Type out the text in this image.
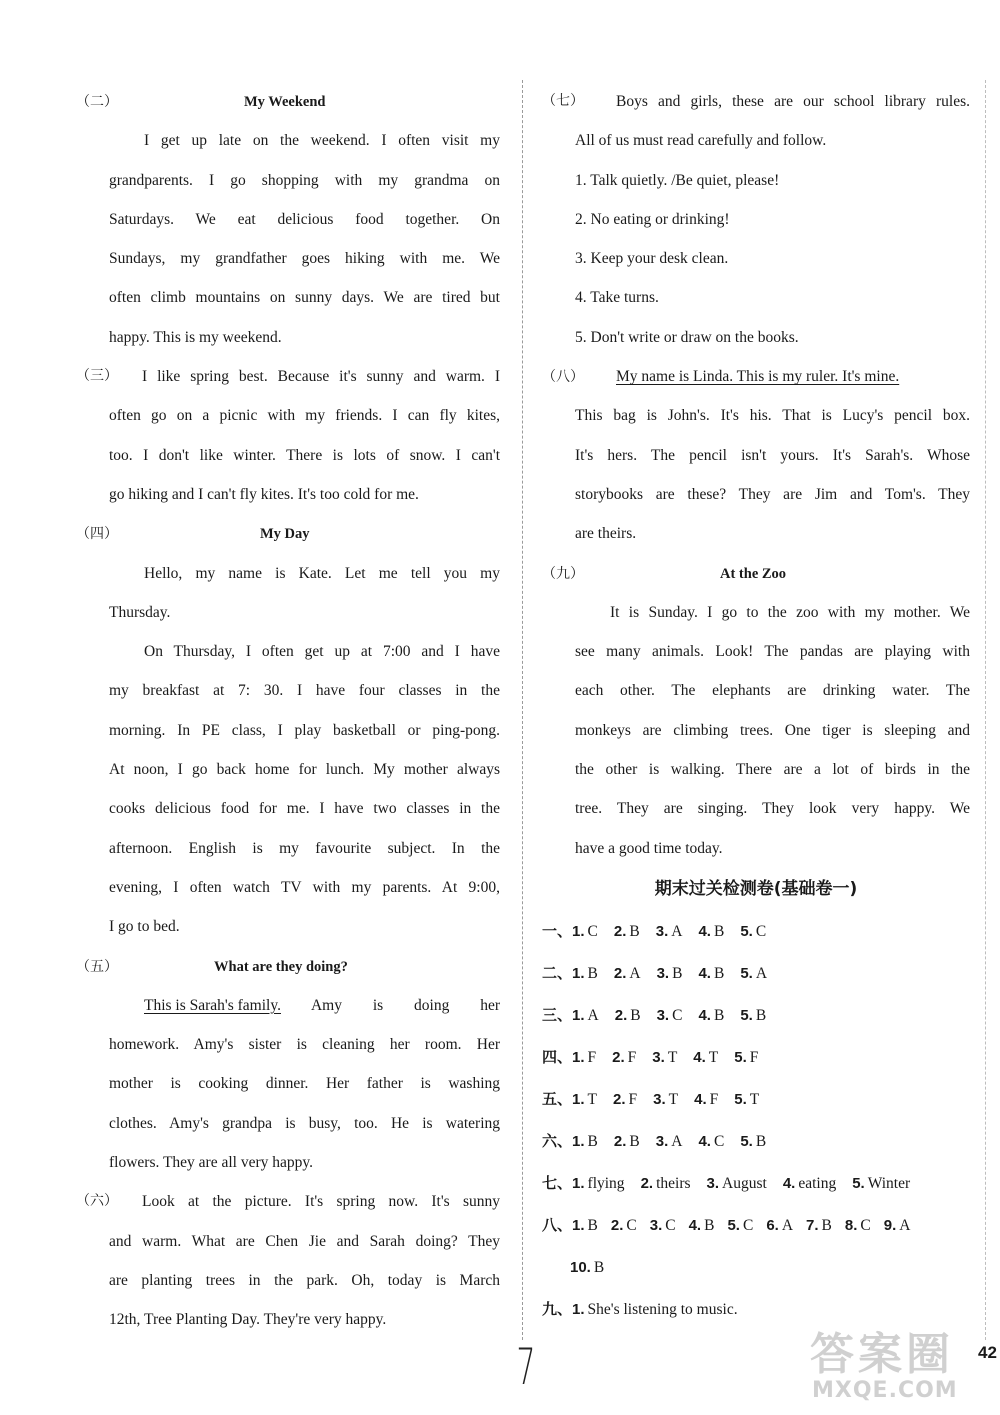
（二）	My Weekend
I get up late on the weekend. I often visit my
grandparents. I go shopping with my grandma on
Saturdays. We eat delicious food together. On
Sundays, my grandfather goes hiking with me. We
often climb mountains on sunny days. We are tired but
happy. This is my weekend.
（三）	I like spring best. Because it's sunny and warm. I
often go on a picnic with my friends. I can fly kites,
too. I don't like winter. There is lots of snow. I can't
go hiking and I can't fly kites. It's too cold for me.
（四）	My Day
Hello, my name is Kate. Let me tell you my
Thursday.
On Thursday, I often get up at 7:00 and I have
my breakfast at 7: 30. I have four classes in the
morning. In PE class, I play basketball or ping-pong.
At noon, I go back home for lunch. My mother always
cooks delicious food for me. I have two classes in the
afternoon. English is my favourite subject. In the
evening, I often watch TV with my parents. At 9:00,
I go to bed.
（五）	What are they doing?
This is Sarah's family. Amy is doing her
homework. Amy's sister is cleaning her room. Her
mother is cooking dinner. Her father is washing
clothes. Amy's grandpa is busy, too. He is watering
flowers. They are all very happy.
（六）	Look at the picture. It's spring now. It's sunny
and warm. What are Chen Jie and Sarah doing? They
are planting trees in the park. Oh, today is March
12th, Tree Planting Day. They're very happy.
（七）	Boys and girls, these are our school library rules.
All of us must read carefully and follow.
1. Talk quietly. /Be quiet, please!
2. No eating or drinking!
3. Keep your desk clean.
4. Take turns.
5. Don't write or draw on the books.
（八） My name is Linda. This is my ruler. It's mine.
This bag is John's. It's his. That is Lucy's pencil box.
It's hers. The pencil isn't yours. It's Sarah's. Whose
storybooks are these? They are Jim and Tom's. They
are theirs.
（九）	At the Zoo
It is Sunday. I go to the zoo with my mother. We
see many animals. Look! The pandas are playing with
each other. The elephants are drinking water. The
monkeys are climbing trees. One tiger is sleeping and
the other is walking. There are a lot of birds in the
tree. They are singing. They look very happy. We
have a good time today.
期末过关检测卷(基础卷一)
一、1. C 2. B 3. A 4. B 5. C
二、1. B 2. A 3. B 4. B 5. A
三、1. A 2. B 3. C 4. B 5. B
四、1. F 2. F 3. T 4. T 5. F
五、1. T 2. F 3. T 4. F 5. T
六、1. B 2. B 3. A 4. C 5. B
七、1. flying 2. theirs 3. August 4. eating 5. Winter
八、1. B 2. C 3. C 4. B 5. C 6. A 7. B 8. C 9. A
10. B
九、1. She's listening to music.
7	42
答案圈
MXQE.COM
